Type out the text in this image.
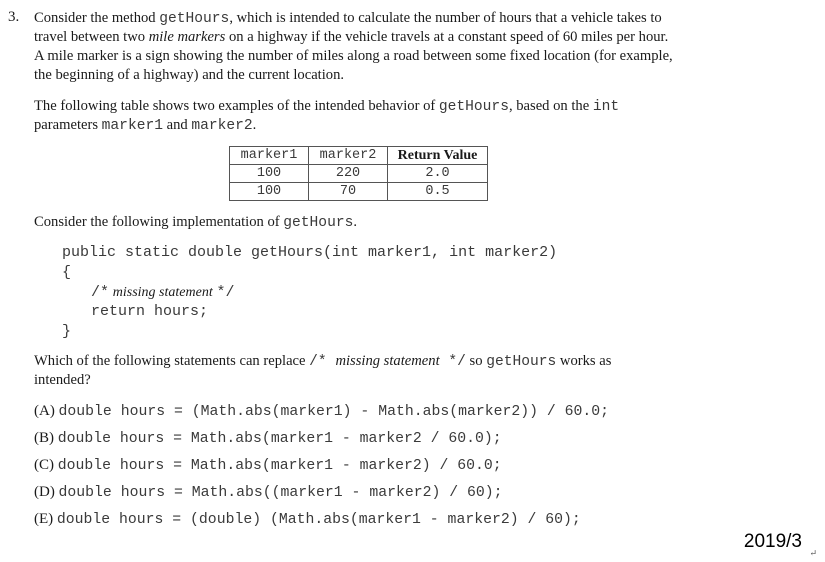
3. Consider the method getHours, which is intended to calculate the number of hours that a vehicle takes to
travel between two mile markers on a highway if the vehicle travels at a constant speed of 60 miles per hour.
A mile marker is a sign showing the number of miles along a road between some fixed location (for example,
the beginning of a highway) and the current location.
The following table shows two examples of the intended behavior of getHours, based on the int
parameters marker1 and marker2.
marker1	marker2	Return Value
100	220	2.0
100	70	0.5
Consider the following implementation of getHours.
public static double getHours(int marker1, int marker2)
{
/* missing statement */
return hours;
}
Which of the following statements can replace /* missing statement */ so getHours works as
intended?
(A) double hours = (Math.abs(marker1) - Math.abs(marker2)) / 60.0;
(B) double hours = Math.abs(marker1 - marker2 / 60.0);
(C) double hours = Math.abs(marker1 - marker2) / 60.0;
(D) double hours = Math.abs((marker1 - marker2) / 60);
(E) double hours = (double) (Math.abs(marker1 - marker2) / 60);
2019/3
↵
